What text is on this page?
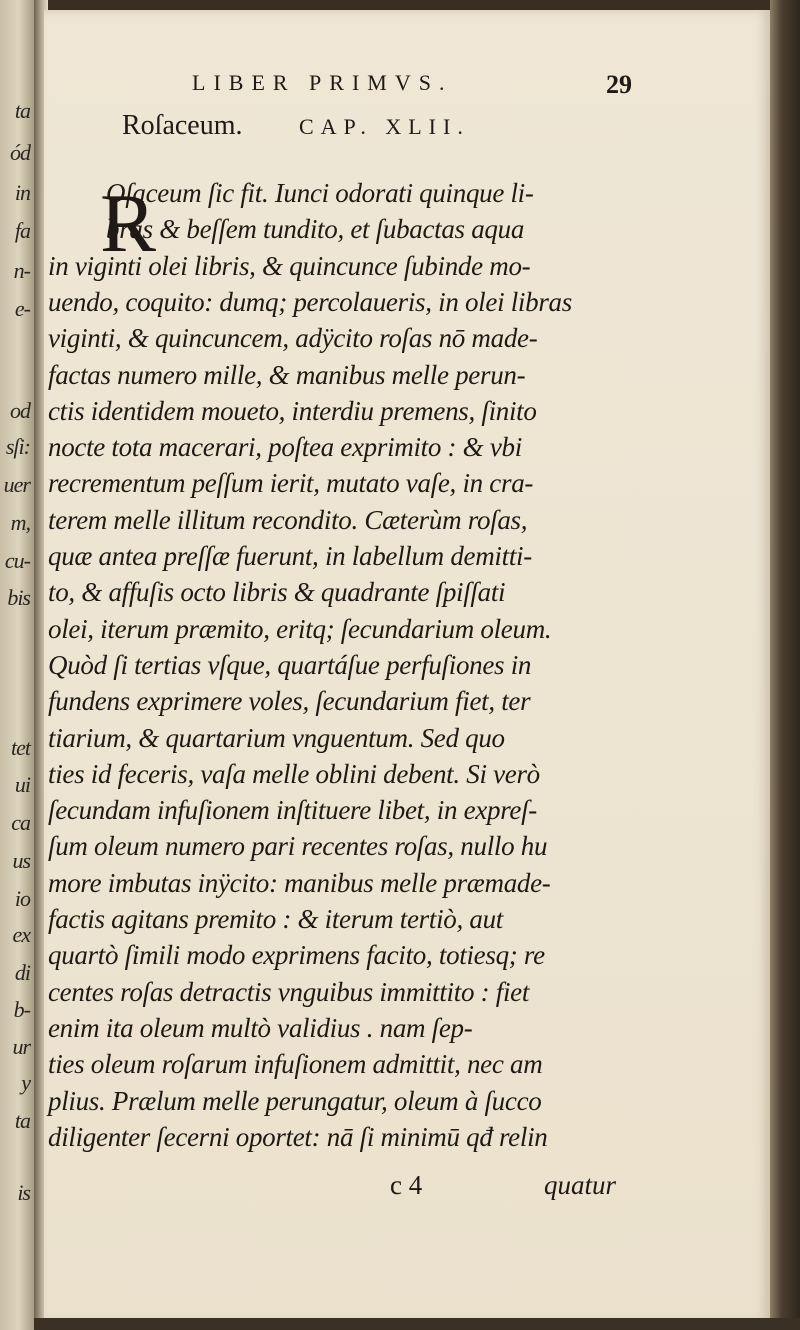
ta
ód
in
fa
n-
e-
od
sſi:
uer
m,
cu-
bis
tet
ui
ca
us
io
ex
di
b-
ur
y
ta
is
LIBER PRIMVS.	29
Roſaceum.	CAP. XLII.
R
Oſaceum ſic fit. Iunci odorati quinque li-
bras & beſſem tundito, et ſubactas aqua
in viginti olei libris, & quincunce ſubinde mo-
uendo, coquito: dumq; percolaueris, in olei libras
viginti, & quincuncem, adÿcito roſas nō made-
factas numero mille, & manibus melle perun-
ctis identidem moueto, interdiu premens, ſinito
nocte tota macerari, poſtea exprimito : & vbi
recrementum peſſum ierit, mutato vaſe, in cra-
terem melle illitum recondito. Cæterùm roſas,
quæ antea preſſæ fuerunt, in labellum demitti-
to, & affuſis octo libris & quadrante ſpiſſati
olei, iterum præmito, eritq; ſecundarium oleum.
Quòd ſi tertias vſque, quartáſue perfuſiones in
fundens exprimere voles, ſecundarium fiet, ter
tiarium, & quartarium vnguentum. Sed quo
ties id feceris, vaſa melle oblini debent. Si verò
ſecundam infuſionem inſtituere libet, in expreſ-
ſum oleum numero pari recentes roſas, nullo hu
more imbutas inÿcito: manibus melle præmade-
factis agitans premito : & iterum tertiò, aut
quartò ſimili modo exprimens facito, totiesq; re
centes roſas detractis vnguibus immittito : fiet
enim ita oleum multò validius . nam ſep-
ties oleum roſarum infuſionem admittit, nec am
plius. Prælum melle perungatur, oleum à ſucco
diligenter ſecerni oportet: nā ſi minimū qđ relin
c 4	quatur
